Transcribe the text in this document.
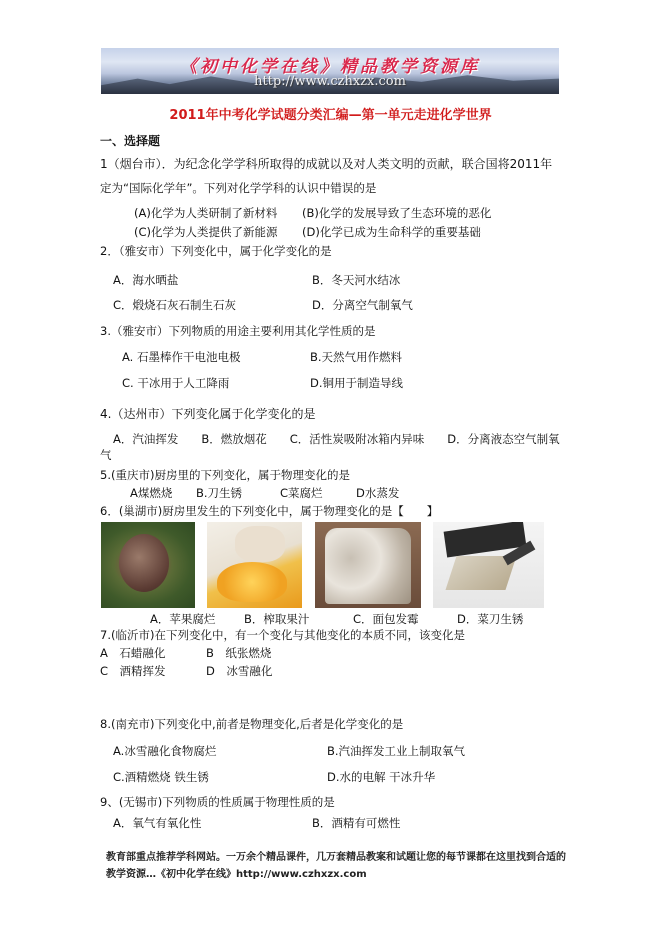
《初中化学在线》精品教学资源库
http://www.czhxzx.com
2011年中考化学试题分类汇编—第一单元走进化学世界
一、选择题
1（烟台市）．为纪念化学学科所取得的成就以及对人类文明的贡献，联合国将2011年
定为“国际化学年”。下列对化学学科的认识中错误的是
(A)化学为人类研制了新材料 (B)化学的发展导致了生态环境的恶化
(C)化学为人类提供了新能源 (D)化学已成为生命科学的重要基础
2．（雅安市）下列变化中，属于化学变化的是
A．海水晒盐	B．冬天河水结冰
C．煅烧石灰石制生石灰	D．分离空气制氧气
3.（雅安市）下列物质的用途主要利用其化学性质的是
A. 石墨棒作干电池电极	B.天然气用作燃料
C. 干冰用于人工降雨	D.铜用于制造导线
4.（达州市）下列变化属于化学变化的是
A．汽油挥发　　B．燃放烟花　　C．活性炭吸附冰箱内异味　　D．分离液态空气制氧
气
5.(重庆市)厨房里的下列变化，属于物理变化的是
A煤燃烧 B.刀生锈	C菜腐烂	D水蒸发
6．(巢湖市)厨房里发生的下列变化中，属于物理变化的是【　　】
A．苹果腐烂 B．榨取果汁	C．面包发霉	D．菜刀生锈
7.(临沂市)在下列变化中，有一个变化与其他变化的本质不同，该变化是
A　石蜡融化	B　纸张燃烧
C　酒精挥发	D　冰雪融化
8.(南充市)下列变化中,前者是物理变化,后者是化学变化的是
A.冰雪融化食物腐烂	B.汽油挥发工业上制取氧气
C.酒精燃烧 铁生锈	D.水的电解 干冰升华
9、(无锡市)下列物质的性质属于物理性质的是
A．氧气有氧化性	B．酒精有可燃性
教育部重点推荐学科网站。一万余个精品课件，几万套精品教案和试题让您的每节课都在这里找到合适的
教学资源…《初中化学在线》http://www.czhxzx.com
